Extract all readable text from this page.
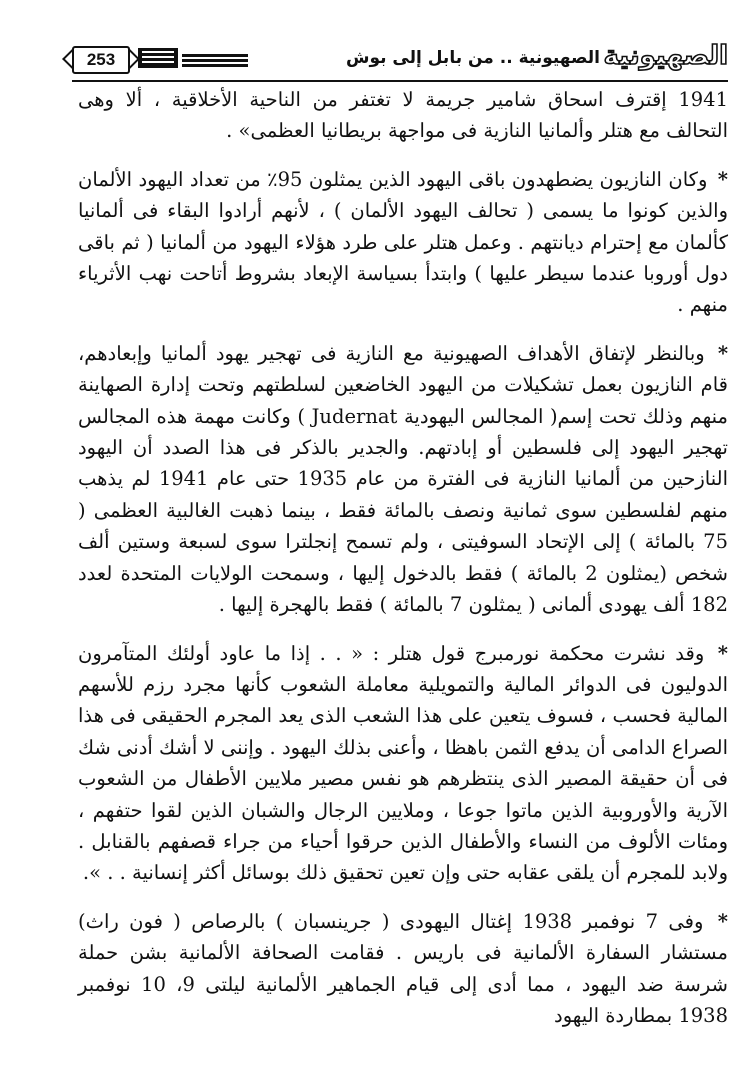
253	الصهيونية .. من بابل إلى بوش الصهيونية

1941 إقترف اسحاق شامير جريمة لا تغتفر من الناحية الأخلاقية ، ألا وهى التحالف مع هتلر وألمانيا النازية فى مواجهة بريطانيا العظمى» .

* وكان النازيون يضطهدون باقى اليهود الذين يمثلون 95٪ من تعداد اليهود الألمان والذين كونوا ما يسمى ( تحالف اليهود الألمان ) ، لأنهم أرادوا البقاء فى ألمانيا كألمان مع إحترام ديانتهم . وعمل هتلر على طرد هؤلاء اليهود من ألمانيا ( ثم باقى دول أوروبا عندما سيطر عليها ) وابتدأ بسياسة الإبعاد بشروط أتاحت نهب الأثرياء منهم .

* وبالنظر لإتفاق الأهداف الصهيونية مع النازية فى تهجير يهود ألمانيا وإبعادهم، قام النازيون بعمل تشكيلات من اليهود الخاضعين لسلطتهم وتحت إدارة الصهاينة منهم وذلك تحت إسم( المجالس اليهودية Judernat ) وكانت مهمة هذه المجالس تهجير اليهود إلى فلسطين أو إبادتهم. والجدير بالذكر فى هذا الصدد أن اليهود النازحين من ألمانيا النازية فى الفترة من عام 1935 حتى عام 1941 لم يذهب منهم لفلسطين سوى ثمانية ونصف بالمائة فقط ، بينما ذهبت الغالبية العظمى ( 75 بالمائة ) إلى الإتحاد السوفيتى ، ولم تسمح إنجلترا سوى لسبعة وستين ألف شخص (يمثلون 2 بالمائة ) فقط بالدخول إليها ، وسمحت الولايات المتحدة لعدد 182 ألف يهودى ألمانى ( يمثلون 7 بالمائة ) فقط بالهجرة إليها .

* وقد نشرت محكمة نورمبرج قول هتلر : « . . إذا ما عاود أولئك المتآمرون الدوليون فى الدوائر المالية والتمويلية معاملة الشعوب كأنها مجرد رزم للأسهم المالية فحسب ، فسوف يتعين على هذا الشعب الذى يعد المجرم الحقيقى فى هذا الصراع الدامى أن يدفع الثمن باهظا ، وأعنى بذلك اليهود . وإننى لا أشك أدنى شك فى أن حقيقة المصير الذى ينتظرهم هو نفس مصير ملايين الأطفال من الشعوب الآرية والأوروبية الذين ماتوا جوعا ، وملايين الرجال والشبان الذين لقوا حتفهم ، ومئات الألوف من النساء والأطفال الذين حرقوا أحياء من جراء قصفهم بالقنابل . ولابد للمجرم أن يلقى عقابه حتى وإن تعين تحقيق ذلك بوسائل أكثر إنسانية . . ».

* وفى 7 نوفمبر 1938 إغتال اليهودى ( جرينسبان ) بالرصاص ( فون راث) مستشار السفارة الألمانية فى باريس . فقامت الصحافة الألمانية بشن حملة شرسة ضد اليهود ، مما أدى إلى قيام الجماهير الألمانية ليلتى 9، 10 نوفمبر 1938 بمطاردة اليهود
